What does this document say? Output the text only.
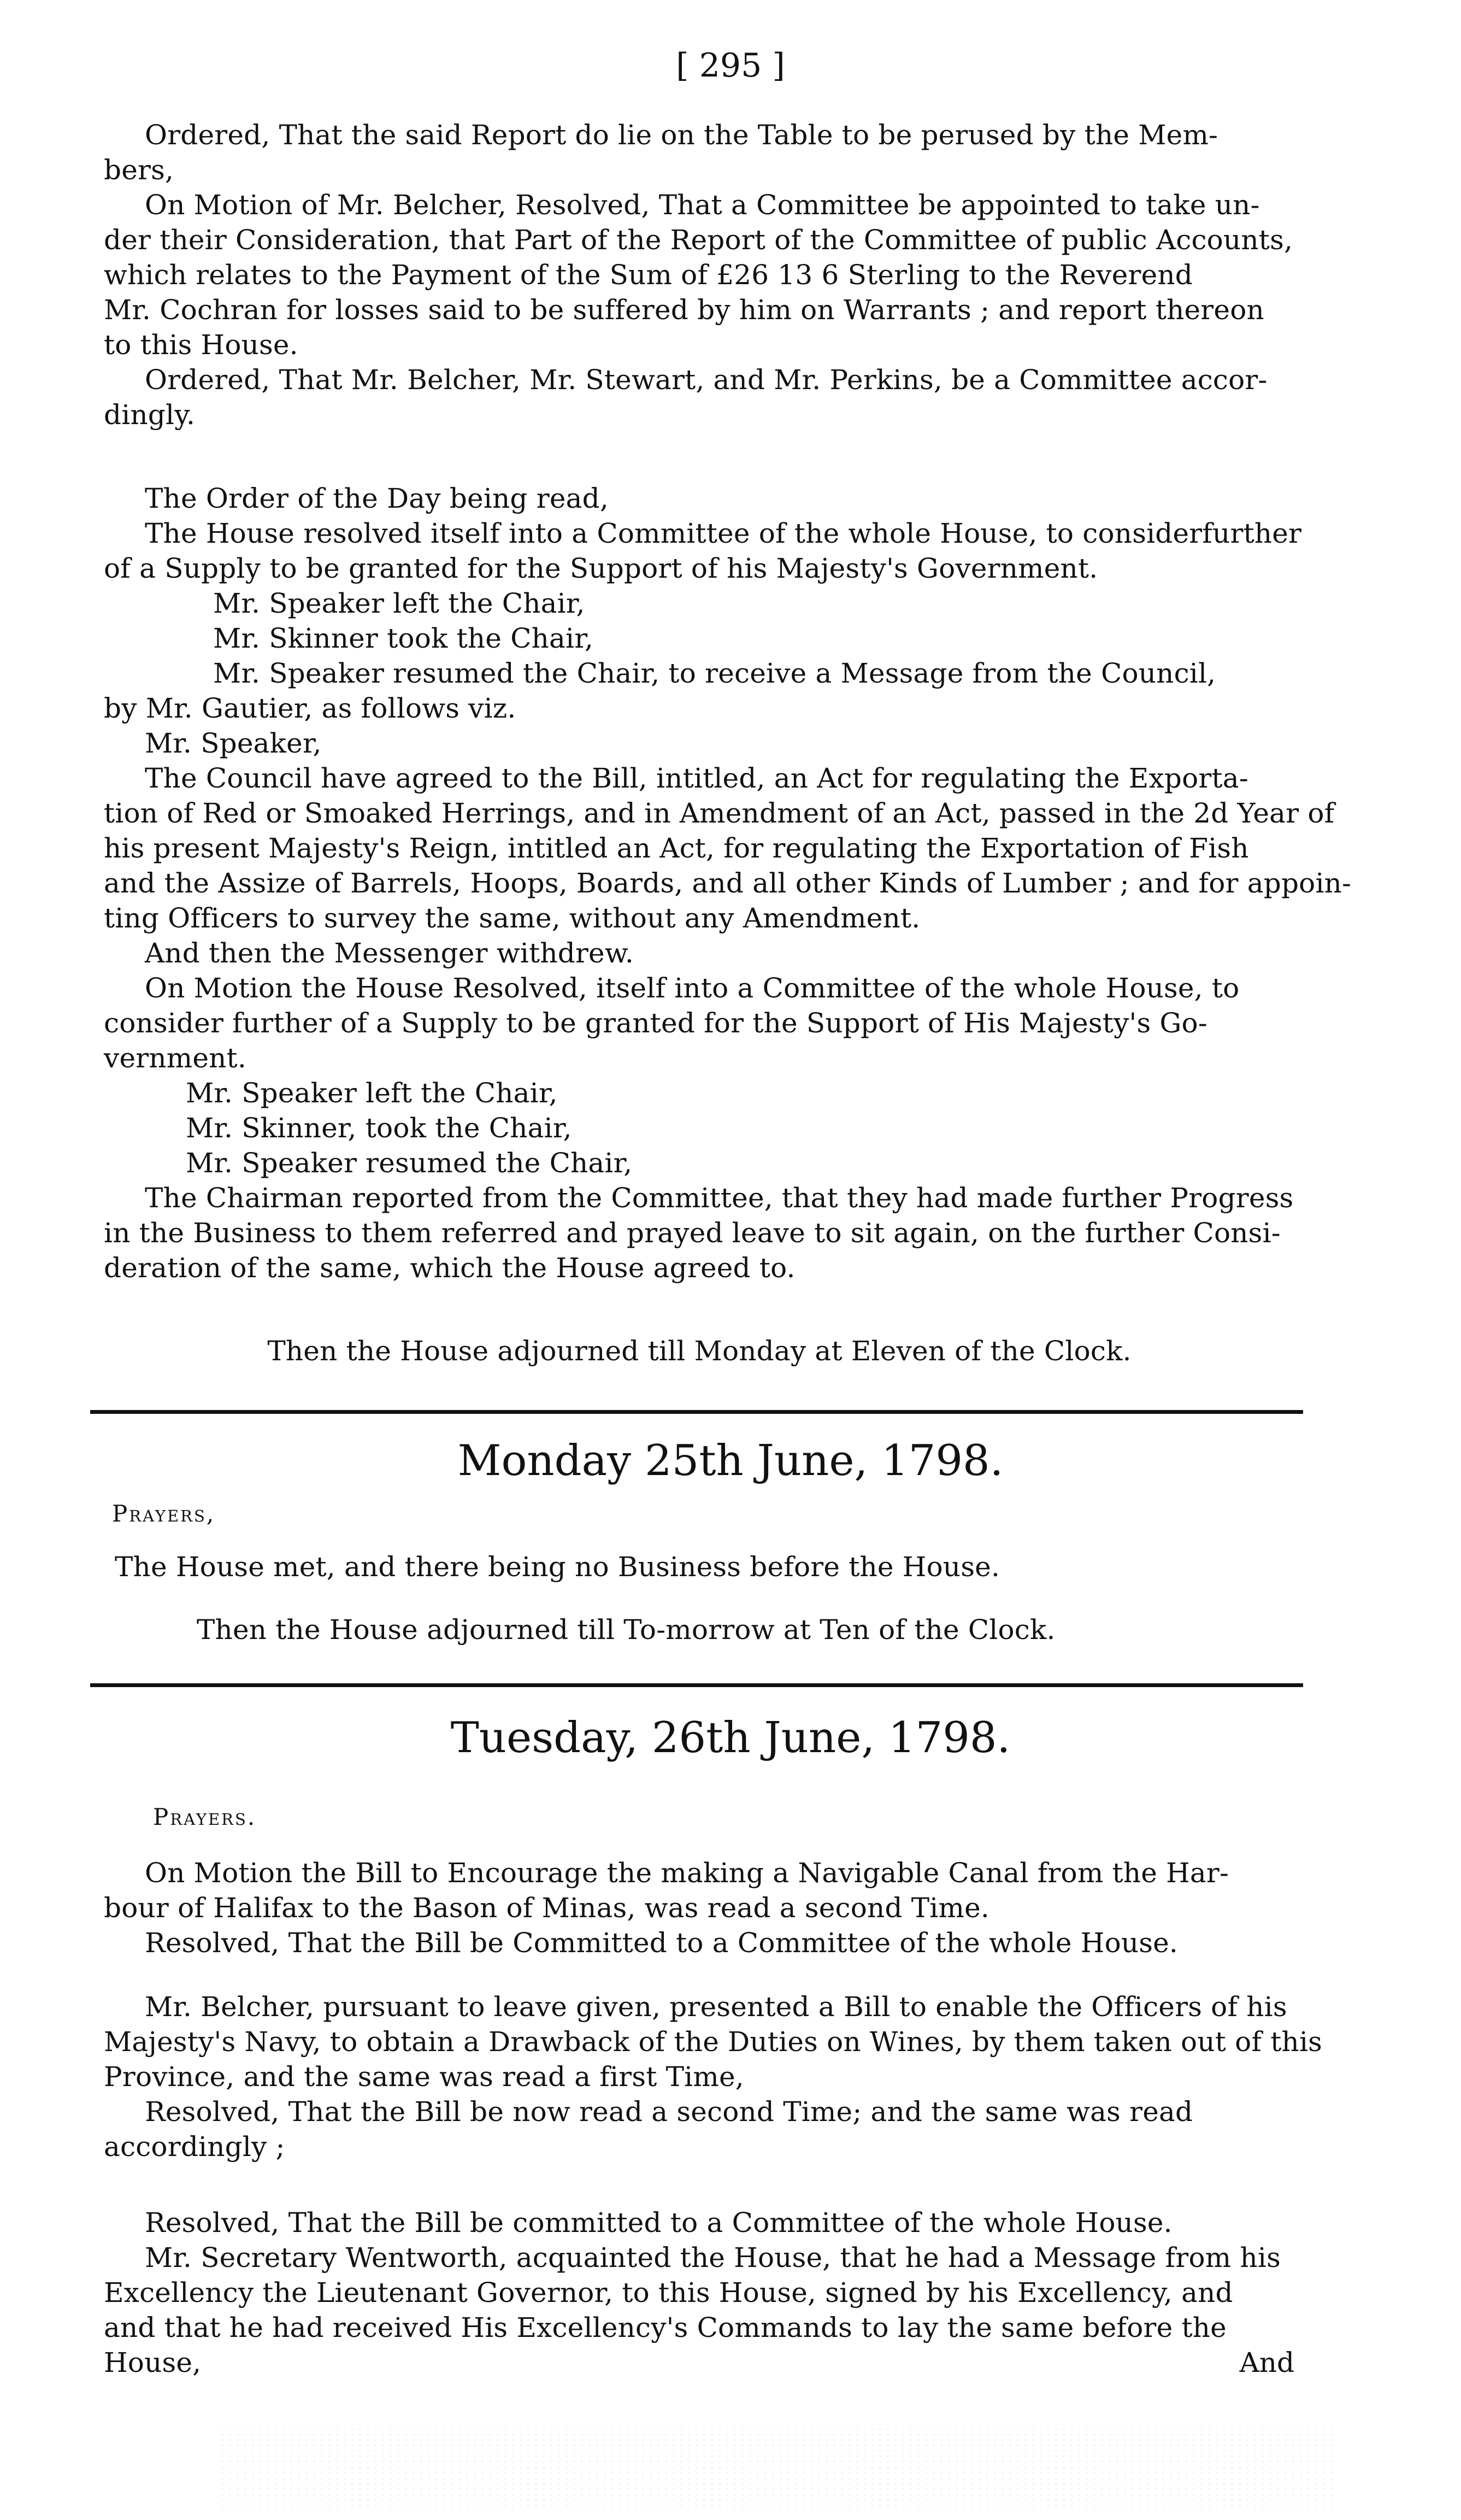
[ 295 ]
Ordered, That the said Report do lie on the Table to be perused by the Mem-
bers,
On Motion of Mr. Belcher, Resolved, That a Committee be appointed to take un-
der their Consideration, that Part of the Report of the Committee of public Accounts,
which relates to the Payment of the Sum of £26 13 6 Sterling to the Reverend
Mr. Cochran for losses said to be suffered by him on Warrants ; and report thereon
to this House.
Ordered, That Mr. Belcher, Mr. Stewart, and Mr. Perkins, be a Committee accor-
dingly.
The Order of the Day being read,
The House resolved itself into a Committee of the whole House, to considerfurther
of a Supply to be granted for the Support of his Majesty's Government.
Mr. Speaker left the Chair,
Mr. Skinner took the Chair,
Mr. Speaker resumed the Chair, to receive a Message from the Council,
by Mr. Gautier, as follows viz.
Mr. Speaker,
The Council have agreed to the Bill, intitled, an Act for regulating the Exporta-
tion of Red or Smoaked Herrings, and in Amendment of an Act, passed in the 2d Year of
his present Majesty's Reign, intitled an Act, for regulating the Exportation of Fish
and the Assize of Barrels, Hoops, Boards, and all other Kinds of Lumber ; and for appoin-
ting Officers to survey the same, without any Amendment.
And then the Messenger withdrew.
On Motion the House Resolved, itself into a Committee of the whole House, to
consider further of a Supply to be granted for the Support of His Majesty's Go-
vernment.
Mr. Speaker left the Chair,
Mr. Skinner, took the Chair,
Mr. Speaker resumed the Chair,
The Chairman reported from the Committee, that they had made further Progress
in the Business to them referred and prayed leave to sit again, on the further Consi-
deration of the same, which the House agreed to.
Then the House adjourned till Monday at Eleven of the Clock.
Monday 25th June, 1798.
Prayers,
The House met, and there being no Business before the House.
Then the House adjourned till To-morrow at Ten of the Clock.
Tuesday, 26th June, 1798.
Prayers.
On Motion the Bill to Encourage the making a Navigable Canal from the Har-
bour of Halifax to the Bason of Minas, was read a second Time.
Resolved, That the Bill be Committed to a Committee of the whole House.
Mr. Belcher, pursuant to leave given, presented a Bill to enable the Officers of his
Majesty's Navy, to obtain a Drawback of the Duties on Wines, by them taken out of this
Province, and the same was read a first Time,
Resolved, That the Bill be now read a second Time; and the same was read
accordingly ;
Resolved, That the Bill be committed to a Committee of the whole House.
Mr. Secretary Wentworth, acquainted the House, that he had a Message from his
Excellency the Lieutenant Governor, to this House, signed by his Excellency, and
and that he had received His Excellency's Commands to lay the same before the
House,	And
